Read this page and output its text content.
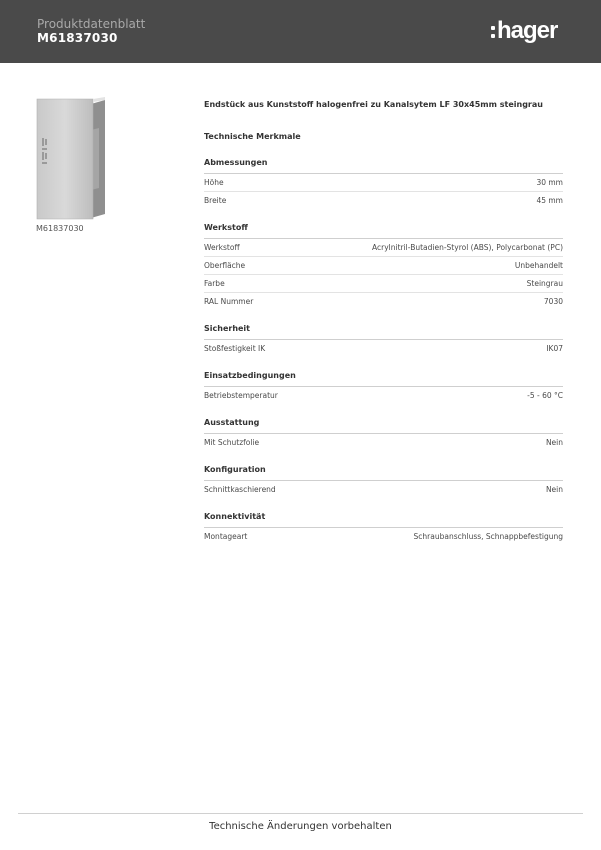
Produktdatenblatt
M61837030	hager
M61837030
Endstück aus Kunststoff halogenfrei zu Kanalsytem LF 30x45mm steingrau
Technische Merkmale
Abmessungen
Höhe	30 mm
Breite	45 mm
Werkstoff
Werkstoff	Acrylnitril-Butadien-Styrol (ABS), Polycarbonat (PC)
Oberfläche	Unbehandelt
Farbe	Steingrau
RAL Nummer	7030
Sicherheit
Stoßfestigkeit IK	IK07
Einsatzbedingungen
Betriebstemperatur	-5 - 60 °C
Ausstattung
Mit Schutzfolie	Nein
Konfiguration
Schnittkaschierend	Nein
Konnektivität
Montageart	Schraubanschluss, Schnappbefestigung
Technische Änderungen vorbehalten
